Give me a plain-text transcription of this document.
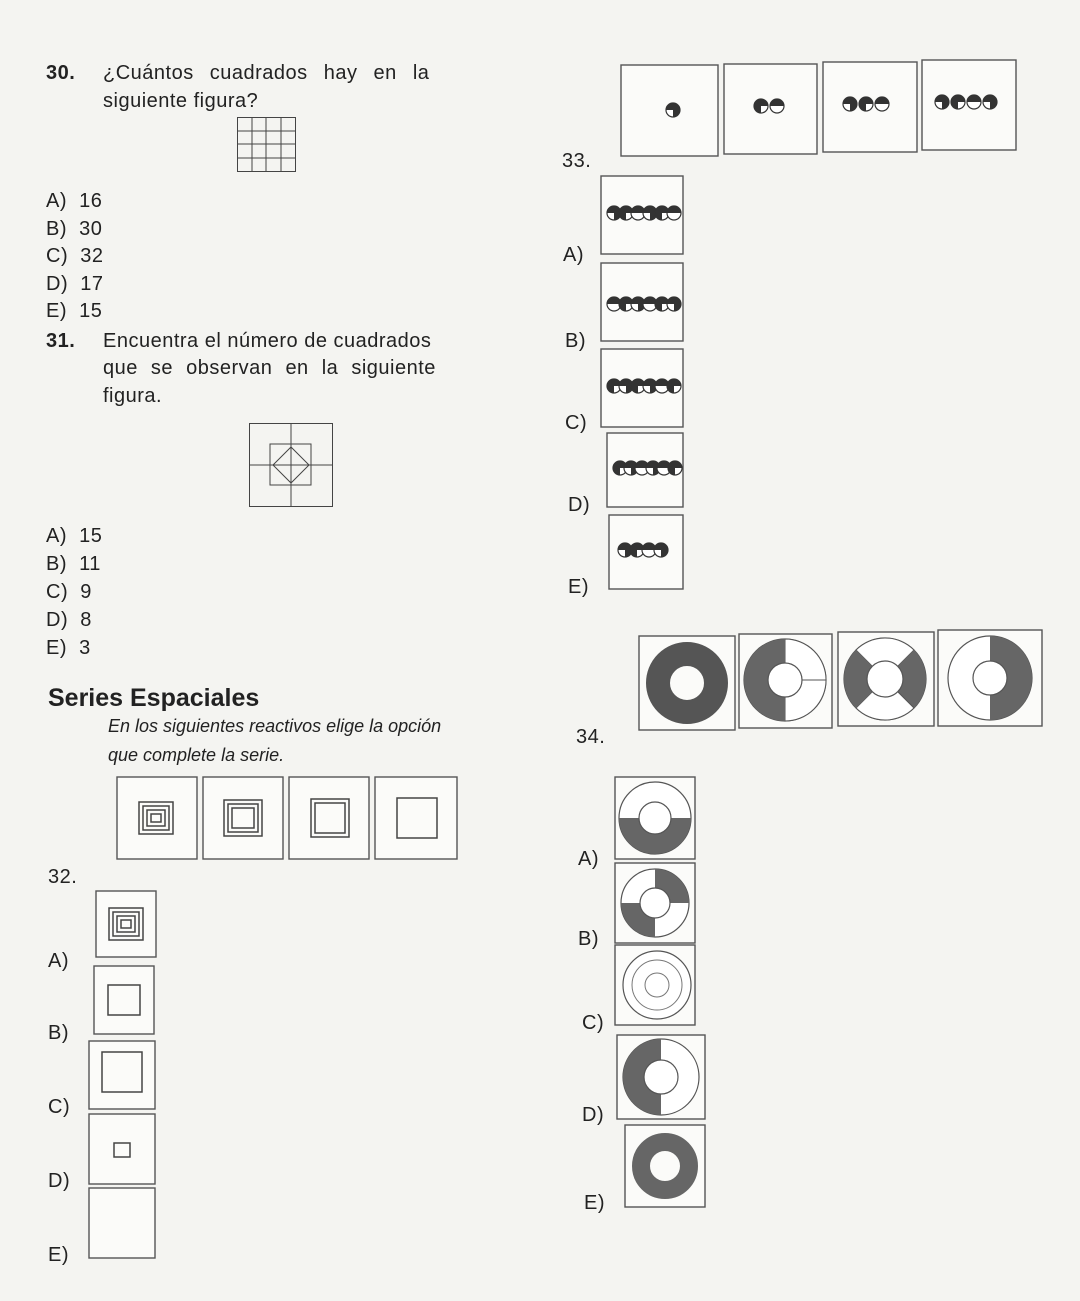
30. ¿Cuántos cuadrados hay en la
siguiente figura?
A) 16
B) 30
C) 32
D) 17
E) 15
31. Encuentra el número de cuadrados
que se observan en la siguiente
figura.
A) 15
B) 11
C) 9
D) 8
E) 3
Series Espaciales
En los siguientes reactivos elige la opción
que complete la serie.
32.
A)
B)
C)
D)
E)
33.
A)
B)
C)
D)
E)
34.
A)
B)
C)
D)
E)
